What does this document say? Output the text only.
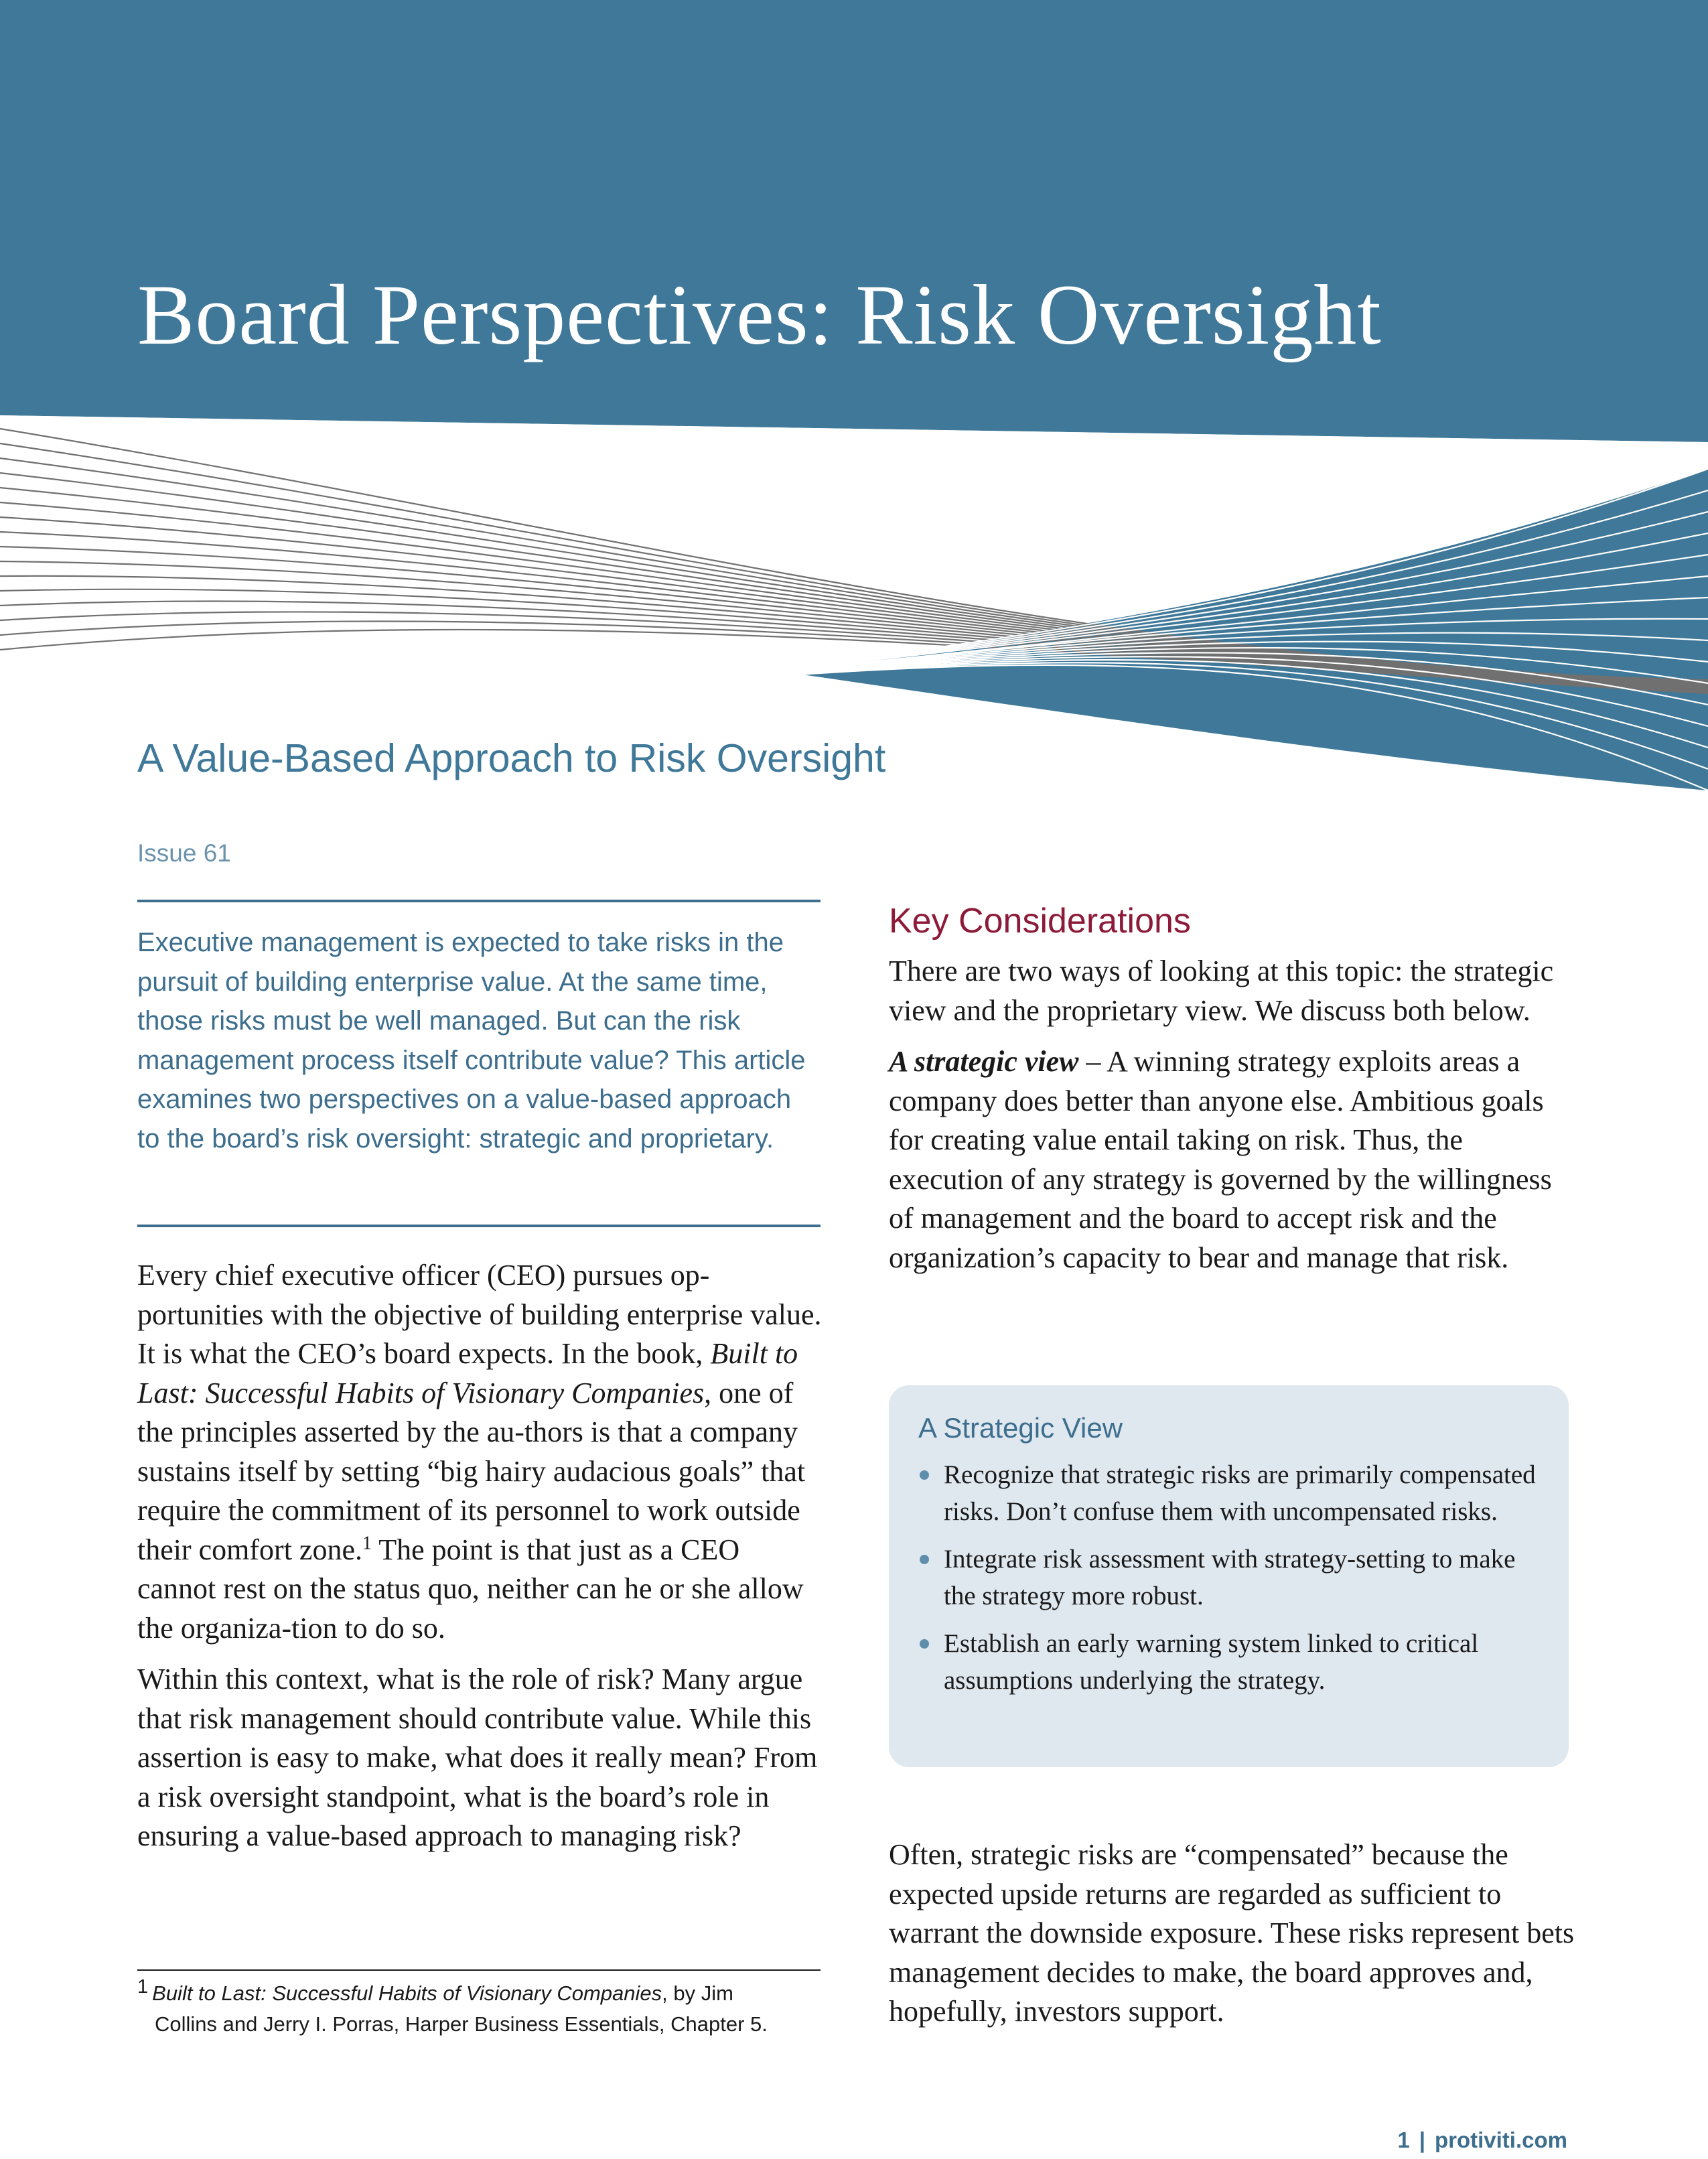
Board Perspectives: Risk Oversight
A Value-Based Approach to Risk Oversight
Issue 61

Executive management is expected to take risks in the pursuit of building enterprise value. At the same time, those risks must be well managed. But can the risk management process itself contribute value? This article examines two perspectives on a value-based approach to the board’s risk oversight: strategic and proprietary.

Every chief executive officer (CEO) pursues op-portunities with the objective of building enterprise value. It is what the CEO’s board expects. In the book, Built to Last: Successful Habits of Visionary Companies, one of the principles asserted by the au-thors is that a company sustains itself by setting “big hairy audacious goals” that require the commitment of its personnel to work outside their comfort zone.$^1$ The point is that just as a CEO cannot rest on the status quo, neither can he or she allow the organiza-tion to do so.

Within this context, what is the role of risk? Many argue that risk management should contribute value. While this assertion is easy to make, what does it really mean? From a risk oversight standpoint, what is the board’s role in ensuring a value-based approach to managing risk?

1 Built to Last: Successful Habits of Visionary Companies, by Jim
Collins and Jerry I. Porras, Harper Business Essentials, Chapter 5.
Key Considerations

There are two ways of looking at this topic: the strategic view and the proprietary view. We discuss both below.

A strategic view – A winning strategy exploits areas a company does better than anyone else. Ambitious goals for creating value entail taking on risk. Thus, the execution of any strategy is governed by the willingness of management and the board to accept risk and the organization’s capacity to bear and manage that risk.

A Strategic View
Recognize that strategic risks are primarily compensated risks. Don’t confuse them with uncompensated risks.
Integrate risk assessment with strategy-setting to make the strategy more robust.
Establish an early warning system linked to critical assumptions underlying the strategy.

Often, strategic risks are “compensated” because the expected upside returns are regarded as sufficient to warrant the downside exposure. These risks represent bets management decides to make, the board approves and, hopefully, investors support.

1 | protiviti.com
